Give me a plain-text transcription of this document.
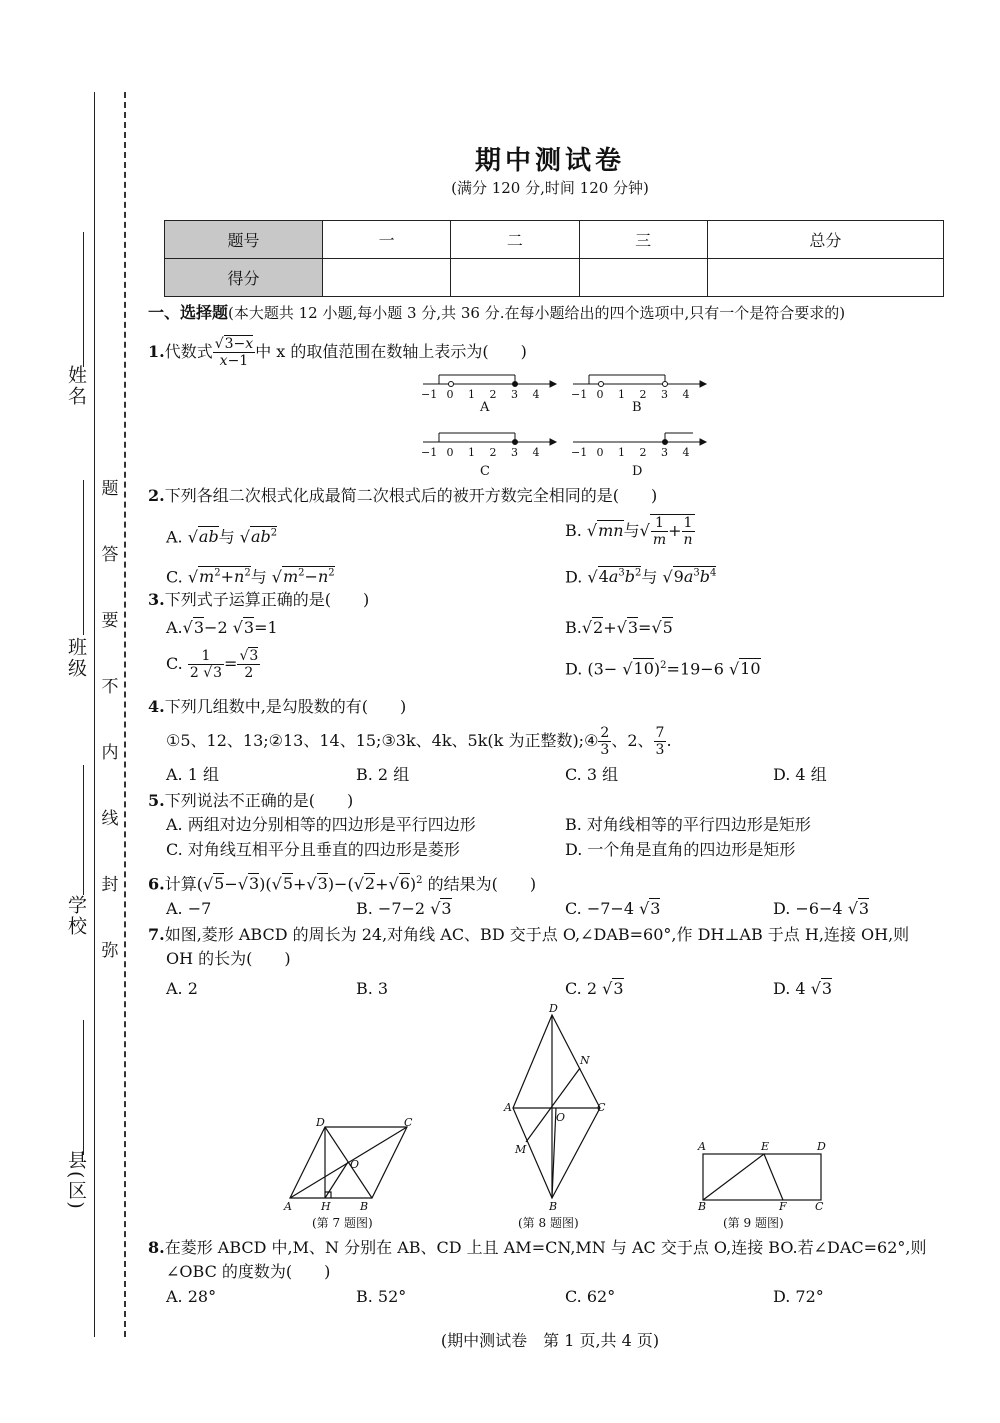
姓名
班级
学校
县(区)
题
答
要
不
内
线
封
弥
期中测试卷
(满分 120 分,时间 120 分钟)
题号	一	二	三	总分
得分				
一、选择题(本大题共 12 小题,每小题 3 分,共 36 分.在每小题给出的四个选项中,只有一个是符合要求的)
1.代数式 $\frac{√3-x}{x-1}$ 中 x 的取值范围在数轴上表示为(　　)
A	B
C	D
−1 0 1 2 3 4	−1 0 1 2 3 4
−1 0 1 2 3 4	−1 0 1 2 3 4
2.下列各组二次根式化成最简二次根式后的被开方数完全相同的是(　　)
A. √ab与 $√ab^2$	B. √mn与√ $\frac{1}{m} + \frac{1}{n}$
C. $√m^2+n^2$与 $√m^2-n^2$	D. $√4a^3b^2$与 $√9a^3b^4$
3.下列式子运算正确的是(　　)
A.√3−2 √3=1	B.√2+√3=√5
C. $\frac{1}{2 √3} = \frac{√3}{2}$	D. $(3- √10)^2=19-6$ √10
4.下列几组数中,是勾股数的有(　　)
①5、12、13;②13、14、15;③3k、4k、5k(k 为正整数);④ $\frac{2}{3}$ 、2、 $\frac{7}{3}$ .
A. 1 组	B. 2 组	C. 3 组	D. 4 组
5.下列说法不正确的是(　　)
A. 两组对边分别相等的四边形是平行四边形	B. 对角线相等的平行四边形是矩形
C. 对角线互相平分且垂直的四边形是菱形	D. 一个角是直角的四边形是矩形
6.计算$(√5-√3)(√5+√3)-(√2+√6)^2$ 的结果为(　　)
A. −7	B. −7−2 √3	C. −7−4 √3	D. −6−4 √3
7.如图,菱形 ABCD 的周长为 24,对角线 AC、BD 交于点 O,∠DAB=60°,作 DH⊥AB 于点 H,连接 OH,则
OH 的长为(　　)
A. 2	B. 3	C. 2 √3	D. 4 √3
D	C
A	H	B
O
D
N
A	C
O
M
B
A	E	D
B	F	C
(第 7 题图)	(第 8 题图)	(第 9 题图)
8.在菱形 ABCD 中,M、N 分别在 AB、CD 上且 AM=CN,MN 与 AC 交于点 O,连接 BO.若∠DAC=62°,则
∠OBC 的度数为(　　)
A. 28°	B. 52°	C. 62°	D. 72°
(期中测试卷　第 1 页,共 4 页)
